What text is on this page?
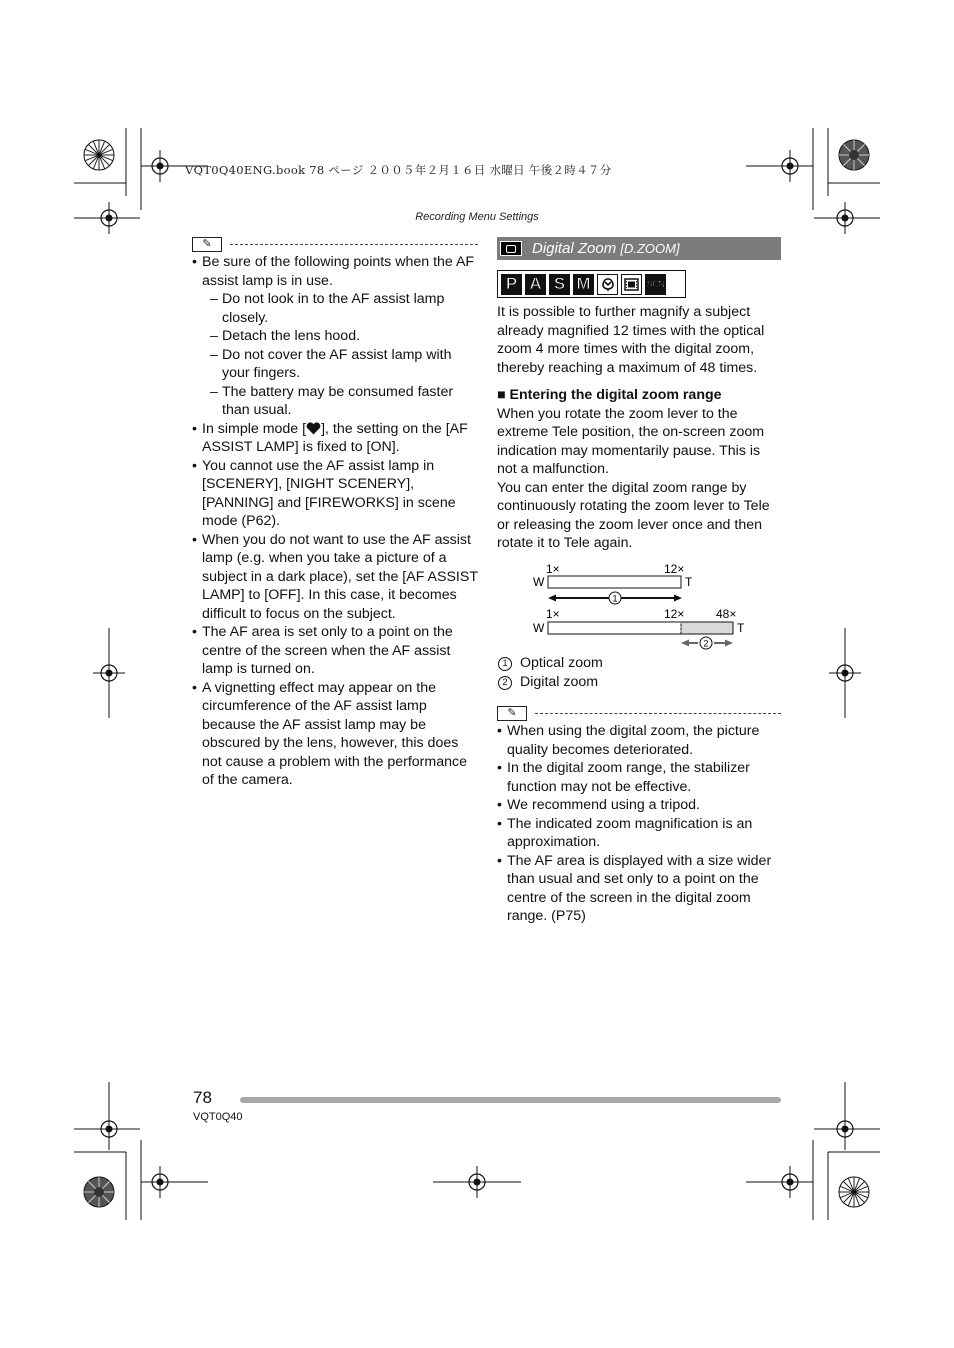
VQT0Q40ENG.book 78 ページ ２００５年２月１６日 水曜日 午後２時４７分
Recording Menu Settings
✎
• Be sure of the following points when the AF assist lamp is in use.
– Do not look in to the AF assist lamp closely.
– Detach the lens hood.
– Do not cover the AF assist lamp with your fingers.
– The battery may be consumed faster than usual.
• In simple mode [ ], the setting on the [AF ASSIST LAMP] is fixed to [ON].
• You cannot use the AF assist lamp in [SCENERY], [NIGHT SCENERY], [PANNING] and [FIREWORKS] in scene mode (P62).
• When you do not want to use the AF assist lamp (e.g. when you take a picture of a subject in a dark place), set the [AF ASSIST LAMP] to [OFF]. In this case, it becomes difficult to focus on the subject.
• The AF area is set only to a point on the centre of the screen when the AF assist lamp is turned on.
• A vignetting effect may appear on the circumference of the AF assist lamp because the AF assist lamp may be obscured by the lens, however, this does not cause a problem with the performance of the camera.
Digital Zoom [D.ZOOM]
P A S M	SCN
It is possible to further magnify a subject already magnified 12 times with the optical zoom 4 more times with the digital zoom, thereby reaching a maximum of 48 times.
■ Entering the digital zoom range
When you rotate the zoom lever to the extreme Tele position, the on-screen zoom indication may momentarily pause. This is not a malfunction.
You can enter the digital zoom range by continuously rotating the zoom lever to Tele or releasing the zoom lever once and then rotate it to Tele again.
1×	12×
W	T
1
1×	12×	48×
W	T
2
1 Optical zoom
2 Digital zoom
✎
• When using the digital zoom, the picture quality becomes deteriorated.
• In the digital zoom range, the stabilizer function may not be effective.
• We recommend using a tripod.
• The indicated zoom magnification is an approximation.
• The AF area is displayed with a size wider than usual and set only to a point on the centre of the screen in the digital zoom range. (P75)
78
VQT0Q40
